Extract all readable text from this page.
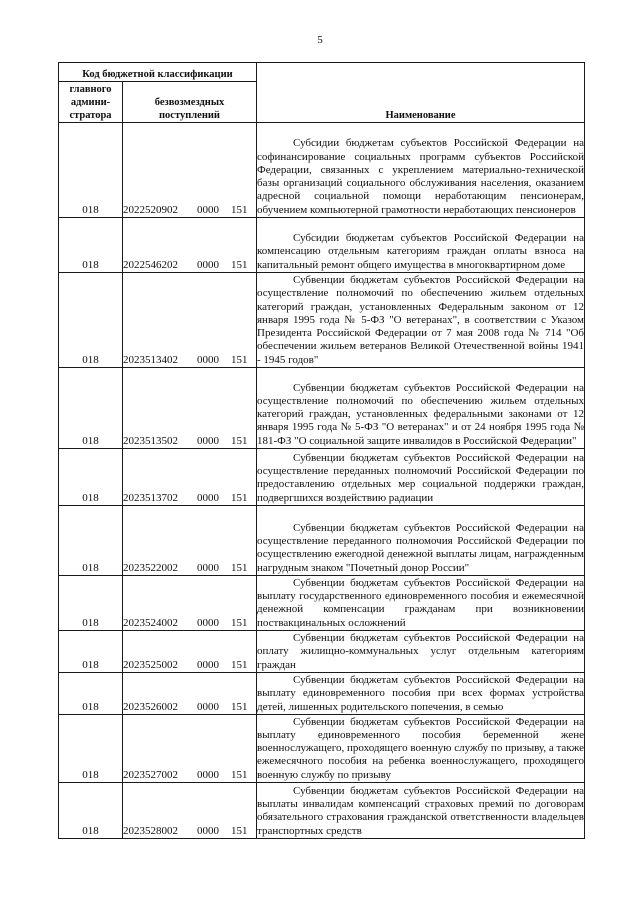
5
Код бюджетной классификации		Наименование
главного админи-стратора	безвозмездных поступлений	
018	2022520902 0000 151	Субсидии бюджетам субъектов Российской Федерации на софинансирование социальных программ субъектов Российской Федерации, связанных с укреплением материально-технической базы организаций социального обслуживания населения, оказанием адресной социальной помощи неработающим пенсионерам, обучением компьютерной грамотности неработающих пенсионеров

018	2022546202 0000 151	Субсидии бюджетам субъектов Российской Федерации на компенсацию отдельным категориям граждан оплаты взноса на капитальный ремонт общего имущества в многоквартирном доме

018	2023513402 0000 151	Субвенции бюджетам субъектов Российской Федерации на осуществление полномочий по обеспечению жильем отдельных категорий граждан, установленных Федеральным законом от 12 января 1995 года № 5-ФЗ "О ветеранах", в соответствии с Указом Президента Российской Федерации от 7 мая 2008 года № 714 "Об обеспечении жильем ветеранов Великой Отечественной войны 1941 - 1945 годов"

018	2023513502 0000 151	Субвенции бюджетам субъектов Российской Федерации на осуществление полномочий по обеспечению жильем отдельных категорий граждан, установленных федеральными законами от 12 января 1995 года № 5-ФЗ "О ветеранах" и от 24 ноября 1995 года № 181-ФЗ "О социальной защите инвалидов в Российской Федерации"

018	2023513702 0000 151	Субвенции бюджетам субъектов Российской Федерации на осуществление переданных полномочий Российской Федерации по предоставлению отдельных мер социальной поддержки граждан, подвергшихся воздействию радиации

018	2023522002 0000 151	Субвенции бюджетам субъектов Российской Федерации на осуществление переданного полномочия Российской Федерации по осуществлению ежегодной денежной выплаты лицам, награжденным нагрудным знаком "Почетный донор России"

018	2023524002 0000 151	Субвенции бюджетам субъектов Российской Федерации на выплату государственного единовременного пособия и ежемесячной денежной компенсации гражданам при возникновении поствакцинальных осложнений

018	2023525002 0000 151	Субвенции бюджетам субъектов Российской Федерации на оплату жилищно-коммунальных услуг отдельным категориям граждан

018	2023526002 0000 151	Субвенции бюджетам субъектов Российской Федерации на выплату единовременного пособия при всех формах устройства детей, лишенных родительского попечения, в семью

018	2023527002 0000 151	Субвенции бюджетам субъектов Российской Федерации на выплату единовременного пособия беременной жене военнослужащего, проходящего военную службу по призыву, а также ежемесячного пособия на ребенка военнослужащего, проходящего военную службу по призыву

018	2023528002 0000 151	Субвенции бюджетам субъектов Российской Федерации на выплаты инвалидам компенсаций страховых премий по договорам обязательного страхования гражданской ответственности владельцев транспортных средств
